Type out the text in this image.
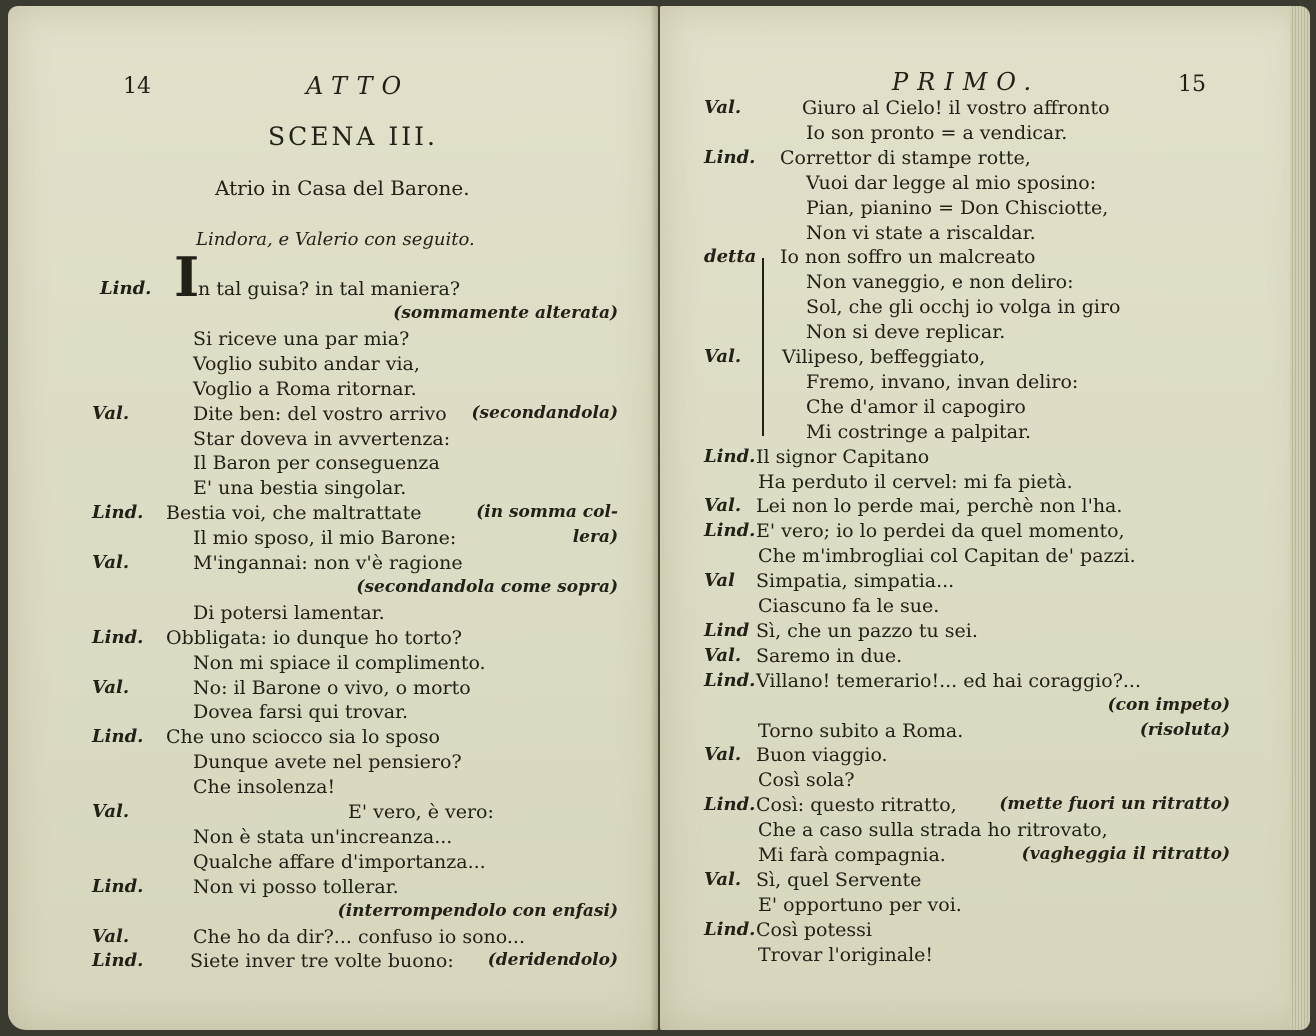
14	ATTO
SCENA III.
Atrio in Casa del Barone.
Lindora, e Valerio con seguito.
Lind. I
n tal guisa? in tal maniera?
(sommamente alterata)
Si riceve una par mia?
Voglio subito andar via,
Voglio a Roma ritornar.
Val.	Dite ben: del vostro arrivo (secondandola)
Star doveva in avvertenza:
Il Baron per conseguenza
E' una bestia singolar.
Lind. Bestia voi, che maltrattate	(in somma col-
Il mio sposo, il mio Barone:	lera)
Val.	M'ingannai: non v'è ragione
(secondandola come sopra)
Di potersi lamentar.
Lind. Obbligata: io dunque ho torto?
Non mi spiace il complimento.
Val.	No: il Barone o vivo, o morto
Dovea farsi qui trovar.
Lind. Che uno sciocco sia lo sposo
Dunque avete nel pensiero?
Che insolenza!
Val.	E' vero, è vero:
Non è stata un'increanza...
Qualche affare d'importanza...
Lind.	Non vi posso tollerar.
(interrompendolo con enfasi)
Val.	Che ho da dir?... confuso io sono...
Lind. Siete inver tre volte buono: (deridendolo)
PRIMO.	15
Val.	Giuro al Cielo! il vostro affronto
Io son pronto = a vendicar.
Lind. Correttor di stampe rotte,
Vuoi dar legge al mio sposino:
Pian, pianino = Don Chisciotte,
Non vi state a riscaldar.
detta Io non soffro un malcreato
Non vaneggio, e non deliro:
Sol, che gli occhj io volga in giro
Non si deve replicar.
Val. Vilipeso, beffeggiato,
Fremo, invano, invan deliro:
Che d'amor il capogiro
Mi costringe a palpitar.
Lind. Il signor Capitano
Ha perduto il cervel: mi fa pietà.
Val. Lei non lo perde mai, perchè non l'ha.
Lind. E' vero; io lo perdei da quel momento,
Che m'imbrogliai col Capitan de' pazzi.
Val Simpatia, simpatia...
Ciascuno fa le sue.
Lind Sì, che un pazzo tu sei.
Val. Saremo in due.
Lind. Villano! temerario!... ed hai coraggio?...
(con impeto)
Torno subito a Roma.	(risoluta)
Val. Buon viaggio.
Così sola?
Lind. Così: questo ritratto,	(mette fuori un ritratto)
Che a caso sulla strada ho ritrovato,
Mi farà compagnia.	(vagheggia il ritratto)
Val. Sì, quel Servente
E' opportuno per voi.
Lind. Così potessi
Trovar l'originale!
